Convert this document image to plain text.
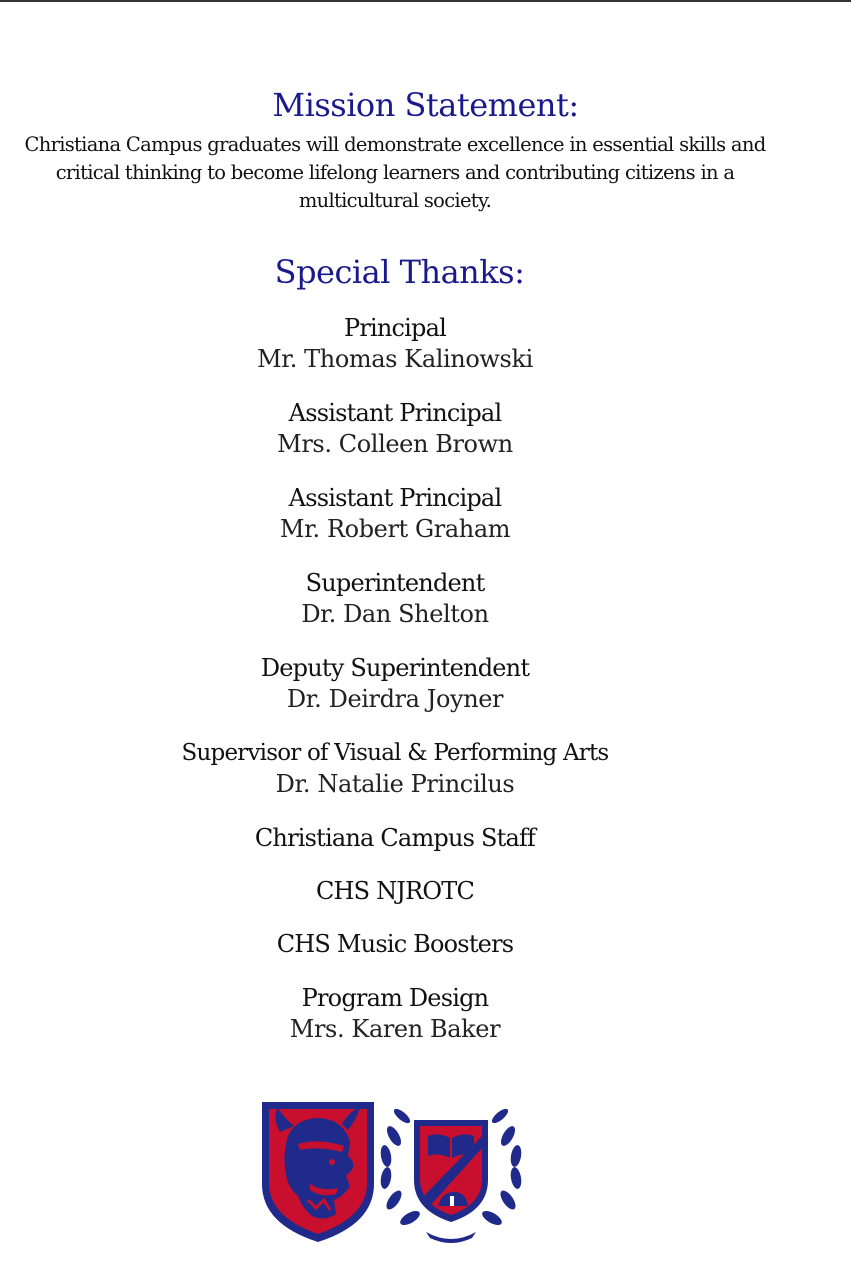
Mission Statement:
Christiana Campus graduates will demonstrate excellence in essential skills and critical thinking to become lifelong learners and contributing citizens in a multicultural society.
Special Thanks:
Principal
Mr. Thomas Kalinowski
Assistant Principal
Mrs. Colleen Brown
Assistant Principal
Mr. Robert Graham
Superintendent
Dr. Dan Shelton
Deputy Superintendent
Dr. Deirdra Joyner
Supervisor of Visual & Performing Arts
Dr. Natalie Princilus
Christiana Campus Staff
CHS NJROTC
CHS Music Boosters
Program Design
Mrs. Karen Baker
